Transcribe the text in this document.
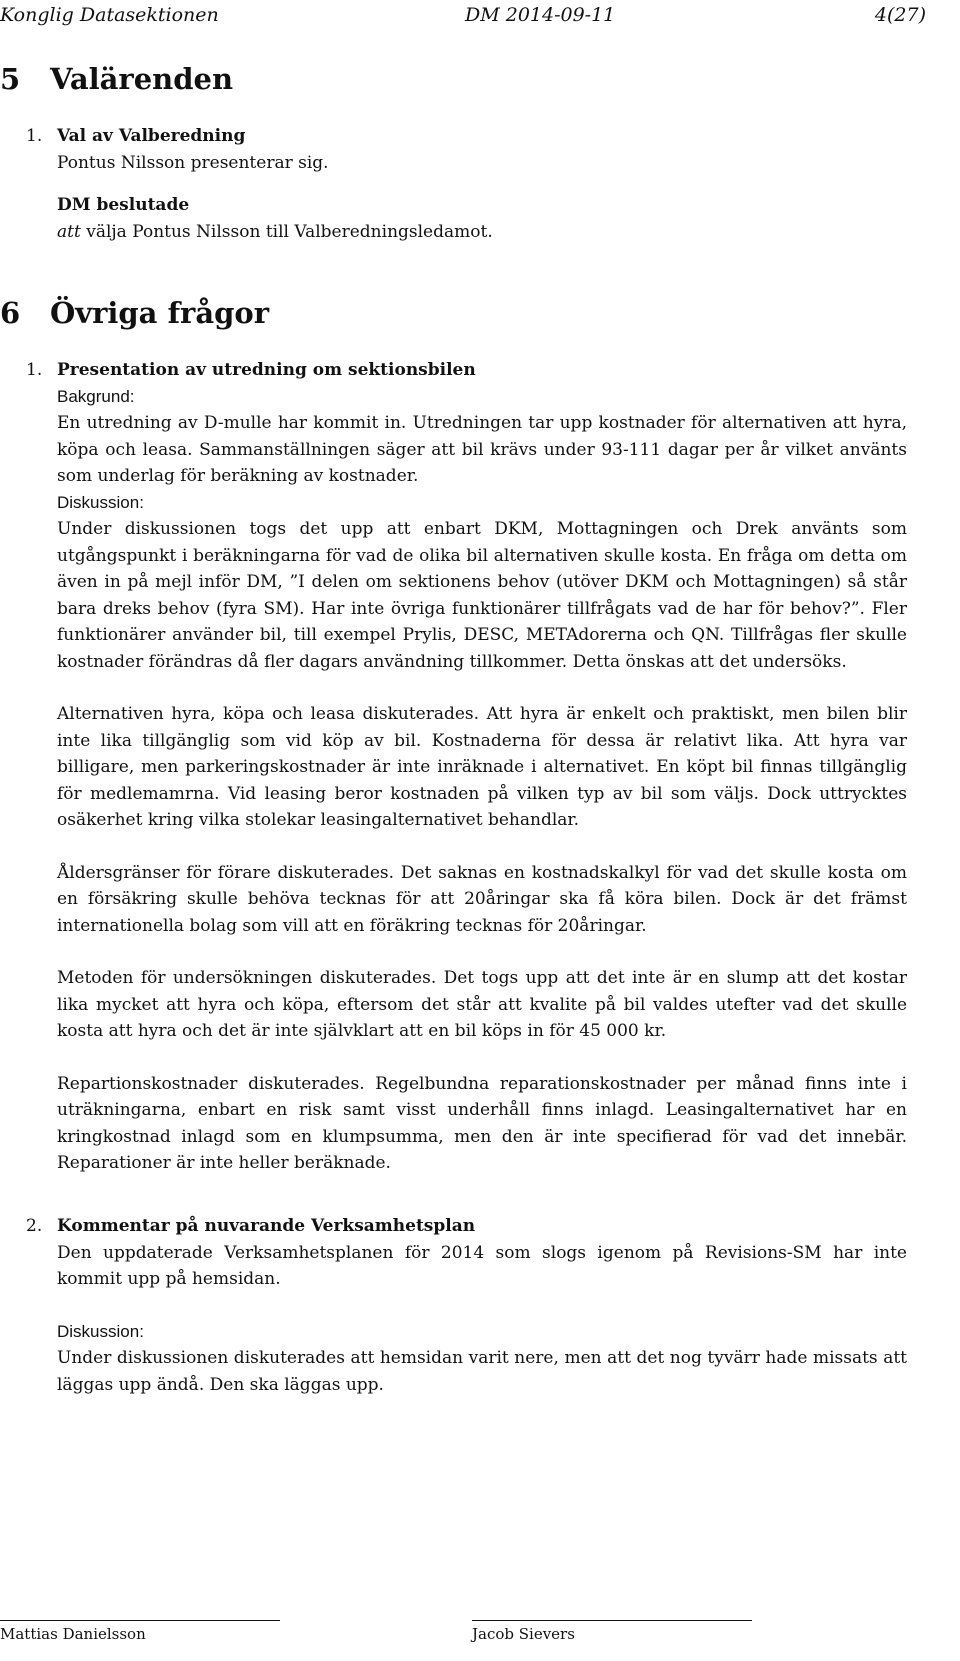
Konglig Datasektionen	DM 2014-09-11	4(27)
5 Valärenden
1. Val av Valberedning
Pontus Nilsson presenterar sig.
DM beslutade
att välja Pontus Nilsson till Valberedningsledamot.
6 Övriga frågor
1. Presentation av utredning om sektionsbilen
Bakgrund:

En utredning av D-mulle har kommit in. Utredningen tar upp kostnader för alternativen att hyra, köpa och leasa. Sammanställningen säger att bil krävs under 93-111 dagar per år vilket använts som underlag för beräkning av kostnader.

Diskussion:

Under diskussionen togs det upp att enbart DKM, Mottagningen och Drek använts som utgångspunkt i beräkningarna för vad de olika bil alternativen skulle kosta. En fråga om detta om även in på mejl inför DM, ”I delen om sektionens behov (utöver DKM och Mottagningen) så står bara dreks behov (fyra SM). Har inte övriga funktionärer tillfrågats vad de har för behov?”. Fler funktionärer använder bil, till exempel Prylis, DESC, METAdorerna och QN. Tillfrågas fler skulle kostnader förändras då fler dagars användning tillkommer. Detta önskas att det undersöks.

Alternativen hyra, köpa och leasa diskuterades. Att hyra är enkelt och praktiskt, men bilen blir inte lika tillgänglig som vid köp av bil. Kostnaderna för dessa är relativt lika. Att hyra var billigare, men parkeringskostnader är inte inräknade i alternativet. En köpt bil finnas tillgänglig för medlemamrna. Vid leasing beror kostnaden på vilken typ av bil som väljs. Dock uttrycktes osäkerhet kring vilka stolekar leasingalternativet behandlar.

Åldersgränser för förare diskuterades. Det saknas en kostnadskalkyl för vad det skulle kosta om en försäkring skulle behöva tecknas för att 20åringar ska få köra bilen. Dock är det främst internationella bolag som vill att en föräkring tecknas för 20åringar.

Metoden för undersökningen diskuterades. Det togs upp att det inte är en slump att det kostar lika mycket att hyra och köpa, eftersom det står att kvalite på bil valdes utefter vad det skulle kosta att hyra och det är inte självklart att en bil köps in för 45 000 kr.

Repartionskostnader diskuterades. Regelbundna reparationskostnader per månad finns inte i uträkningarna, enbart en risk samt visst underhåll finns inlagd. Leasingalternativet har en kringkostnad inlagd som en klumpsumma, men den är inte specifierad för vad det innebär. Reparationer är inte heller beräknade.

2. Kommentar på nuvarande Verksamhetsplan

Den uppdaterade Verksamhetsplanen för 2014 som slogs igenom på Revisions-SM har inte kommit upp på hemsidan.

Diskussion:

Under diskussionen diskuterades att hemsidan varit nere, men att det nog tyvärr hade missats att läggas upp ändå. Den ska läggas upp.

Mattias Danielsson	Jacob Sievers
